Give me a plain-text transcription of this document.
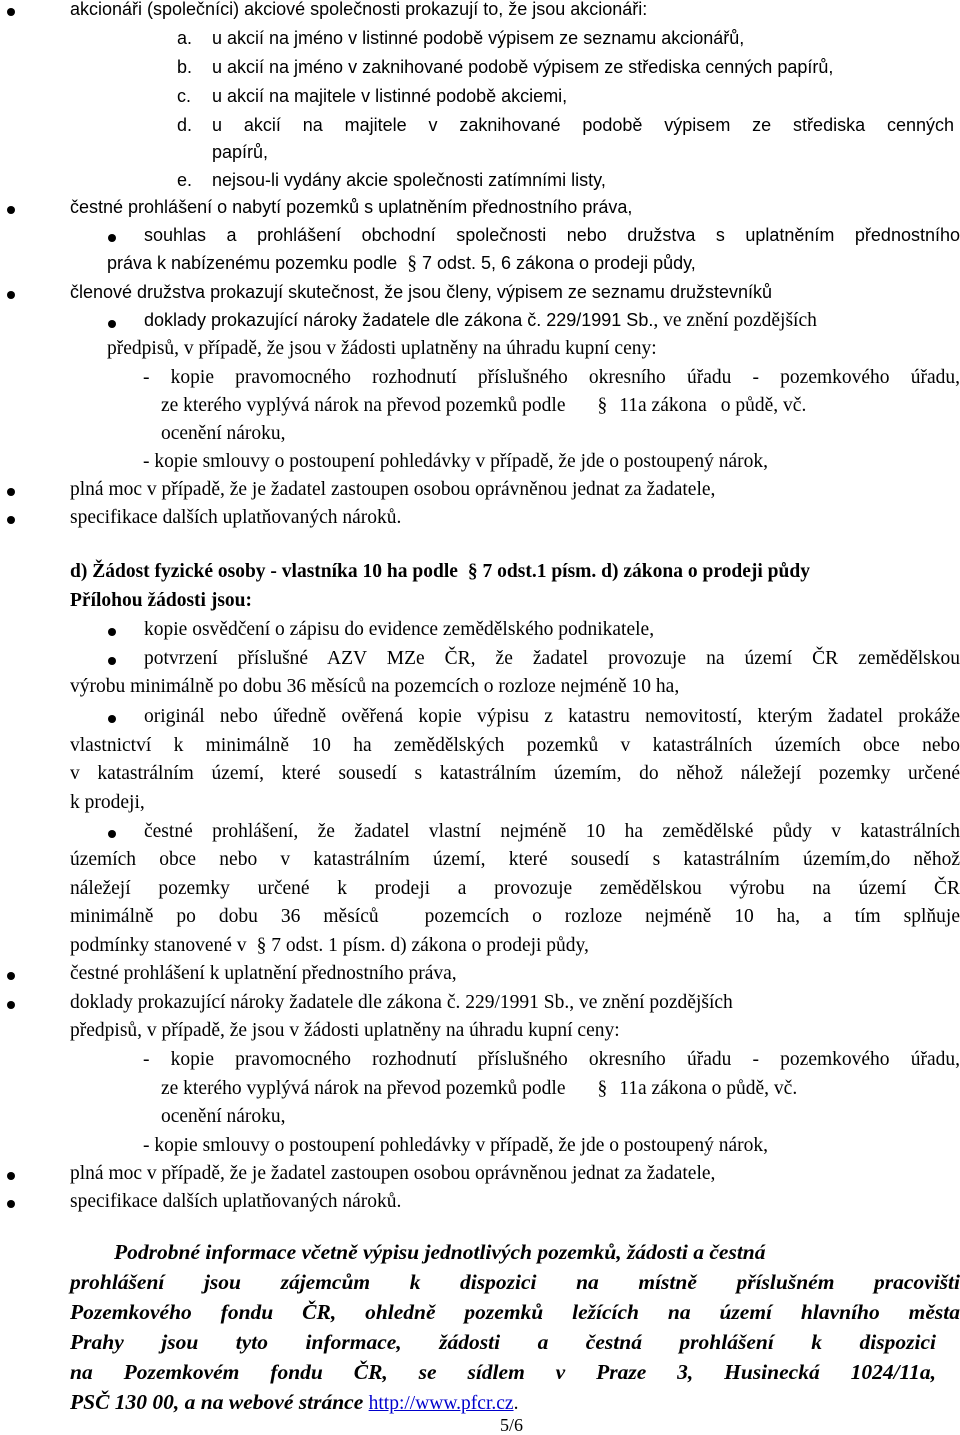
akcionáři (společníci) akciové společnosti prokazují to, že jsou akcionáři:
a. u akcií na jméno v listinné podobě výpisem ze seznamu akcionářů,
b. u akcií na jméno v zaknihované podobě výpisem ze střediska cenných papírů,
c. u akcií na majitele v listinné podobě akciemi,
d. u akcií na majitele v zaknihované podobě výpisem ze střediska cenných
papírů,
e. nejsou-li vydány akcie společnosti zatímními listy,
čestné prohlášení o nabytí pozemků s uplatněním přednostního práva,
souhlas a prohlášení obchodní společnosti nebo družstva s uplatněním přednostního
práva k nabízenému pozemku podle § 7 odst. 5, 6 zákona o prodeji půdy,
členové družstva prokazují skutečnost, že jsou členy, výpisem ze seznamu družstevníků
doklady prokazující nároky žadatele dle zákona č. 229/1991 Sb., ve znění pozdějších
předpisů, v případě, že jsou v žádosti uplatněny na úhradu kupní ceny:
- kopie pravomocného rozhodnutí příslušného okresního úřadu - pozemkového úřadu,
ze kterého vyplývá nárok na převod pozemků podle § 11a zákona o půdě, vč.
ocenění nároku,
- kopie smlouvy o postoupení pohledávky v případě, že jde o postoupený nárok,
plná moc v případě, že je žadatel zastoupen osobou oprávněnou jednat za žadatele,
specifikace dalších uplatňovaných nároků.
d) Žádost fyzické osoby - vlastníka 10 ha podle § 7 odst.1 písm. d) zákona o prodeji půdy
Přílohou žádosti jsou:
kopie osvědčení o zápisu do evidence zemědělského podnikatele,
potvrzení příslušné AZV MZe ČR, že žadatel provozuje na území ČR zemědělskou
výrobu minimálně po dobu 36 měsíců na pozemcích o rozloze nejméně 10 ha,
originál nebo úředně ověřená kopie výpisu z katastru nemovitostí, kterým žadatel prokáže
vlastnictví k minimálně 10 ha zemědělských pozemků v katastrálních územích obce nebo
v katastrálním území, které sousedí s katastrálním územím, do něhož náležejí pozemky určené
k prodeji,
čestné prohlášení, že žadatel vlastní nejméně 10 ha zemědělské půdy v katastrálních
územích obce nebo v katastrálním území, které sousedí s katastrálním územím,do něhož
náležejí pozemky určené k prodeji a provozuje zemědělskou výrobu na území ČR
minimálně po dobu 36 měsíců  pozemcích o rozloze nejméně 10 ha, a tím splňuje
podmínky stanovené v § 7 odst. 1 písm. d) zákona o prodeji půdy,
čestné prohlášení k uplatnění přednostního práva,
doklady prokazující nároky žadatele dle zákona č. 229/1991 Sb., ve znění pozdějších
předpisů, v případě, že jsou v žádosti uplatněny na úhradu kupní ceny:
- kopie pravomocného rozhodnutí příslušného okresního úřadu - pozemkového úřadu,
ze kterého vyplývá nárok na převod pozemků podle § 11a zákona o půdě, vč.
ocenění nároku,
- kopie smlouvy o postoupení pohledávky v případě, že jde o postoupený nárok,
plná moc v případě, že je žadatel zastoupen osobou oprávněnou jednat za žadatele,
specifikace dalších uplatňovaných nároků.
Podrobné informace včetně výpisu jednotlivých pozemků, žádosti a čestná
prohlášení jsou zájemcům k dispozici na místně příslušném pracovišti
Pozemkového fondu ČR, ohledně pozemků ležících na území hlavního města
Prahy jsou tyto informace, žádosti a čestná prohlášení k dispozici
na Pozemkovém fondu ČR, se sídlem v Praze 3, Husinecká 1024/11a,
PSČ 130 00, a na webové stránce http://www.pfcr.cz.
5/6
